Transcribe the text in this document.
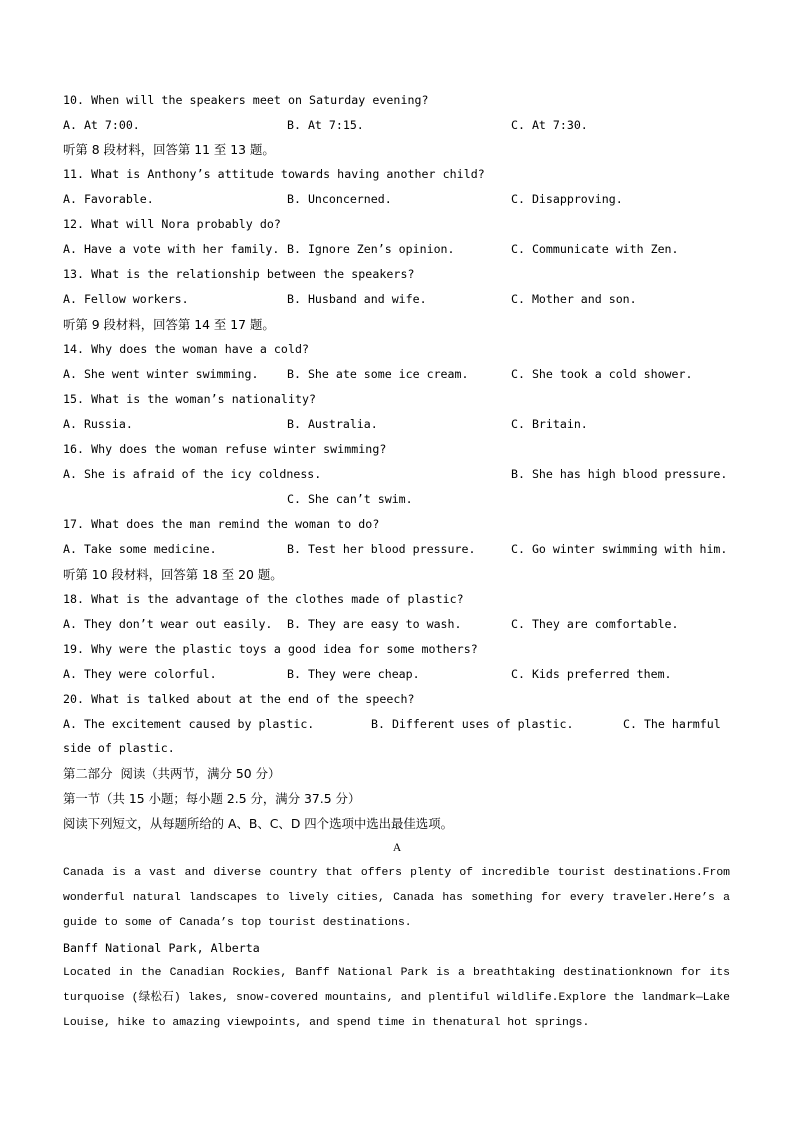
10. When will the speakers meet on Saturday evening?
A. At 7:00.	B. At 7:15.	C. At 7:30.
听第 8 段材料，回答第 11 至 13 题。
11. What is Anthony’s attitude towards having another child?
A. Favorable.	B. Unconcerned.	C. Disapproving.
12. What will Nora probably do?
A. Have a vote with her family. B. Ignore Zen’s opinion.	C. Communicate with Zen.
13. What is the relationship between the speakers?
A. Fellow workers.	B. Husband and wife.	C. Mother and son.
听第 9 段材料，回答第 14 至 17 题。
14. Why does the woman have a cold?
A. She went winter swimming. B. She ate some ice cream.	C. She took a cold shower.
15. What is the woman’s nationality?
A. Russia.	B. Australia.	C. Britain.
16. Why does the woman refuse winter swimming?
A. She is afraid of the icy coldness.	B. She has high blood pressure.
C. She can’t swim.
17. What does the man remind the woman to do?
A. Take some medicine.	B. Test her blood pressure.	C. Go winter swimming with him.
听第 10 段材料，回答第 18 至 20 题。
18. What is the advantage of the clothes made of plastic?
A. They don’t wear out easily. B. They are easy to wash.	C. They are comfortable.
19. Why were the plastic toys a good idea for some mothers?
A. They were colorful.	B. They were cheap.	C. Kids preferred them.
20. What is talked about at the end of the speech?
A. The excitement caused by plastic.	B. Different uses of plastic.	C. The harmful
side of plastic.
第二部分  阅读（共两节，满分 50 分）
第一节（共 15 小题；每小题 2.5 分，满分 37.5 分）
阅读下列短文，从每题所给的 A、B、C、D 四个选项中选出最佳选项。
A
Canada is a vast and diverse country that offers plenty of incredible tourist destinations.From
wonderful natural landscapes to lively cities, Canada has something for every traveler.Here’s a
guide to some of Canada’s top tourist destinations.
Banff National Park, Alberta
Located in the Canadian Rockies, Banff National Park is a breathtaking destinationknown for its
turquoise (绿松石) lakes, snow-covered mountains, and plentiful wildlife.Explore the landmark—Lake
Louise, hike to amazing viewpoints, and spend time in thenatural hot springs.
